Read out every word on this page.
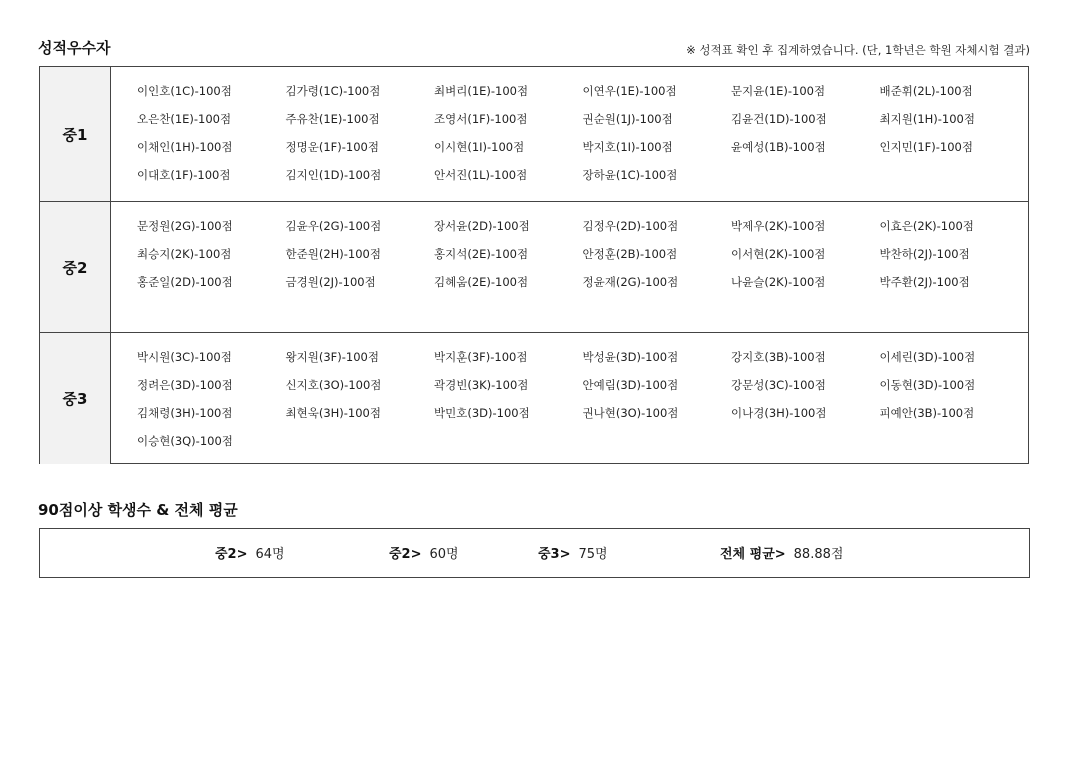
성적우수자	※ 성적표 확인 후 집계하였습니다. (단, 1학년은 학원 자체시험 결과)
중1
이인호(1C)-100점	김가령(1C)-100점	최벼리(1E)-100점	이연우(1E)-100점	문지윤(1E)-100점	배준휘(2L)-100점
오은찬(1E)-100점	주유찬(1E)-100점	조영서(1F)-100점	권순원(1J)-100점	김윤건(1D)-100점	최지원(1H)-100점
이채인(1H)-100점	정명운(1F)-100점	이시현(1I)-100점	박지호(1I)-100점	윤예성(1B)-100점	인지민(1F)-100점
이대호(1F)-100점	김지인(1D)-100점	안서진(1L)-100점	장하윤(1C)-100점
중2
문정원(2G)-100점	김윤우(2G)-100점	장서윤(2D)-100점	김정우(2D)-100점	박제우(2K)-100점	이효은(2K)-100점
최승지(2K)-100점	한준원(2H)-100점	홍지석(2E)-100점	안정훈(2B)-100점	이서현(2K)-100점	박찬하(2J)-100점
홍준일(2D)-100점	금경원(2J)-100점	김혜움(2E)-100점	정윤재(2G)-100점	나윤슬(2K)-100점	박주환(2J)-100점
중3
박시원(3C)-100점	왕지원(3F)-100점	박지훈(3F)-100점	박성윤(3D)-100점	강지호(3B)-100점	이세린(3D)-100점
정려은(3D)-100점	신지호(3O)-100점	곽경빈(3K)-100점	안예림(3D)-100점	강문성(3C)-100점	이동현(3D)-100점
김채령(3H)-100점	최현욱(3H)-100점	박민호(3D)-100점	권나현(3O)-100점	이나경(3H)-100점	피예안(3B)-100점
이승현(3Q)-100점
90점이상 학생수 & 전체 평균
중2> 64명	중2> 60명	중3> 75명	전체 평균> 88.88점
